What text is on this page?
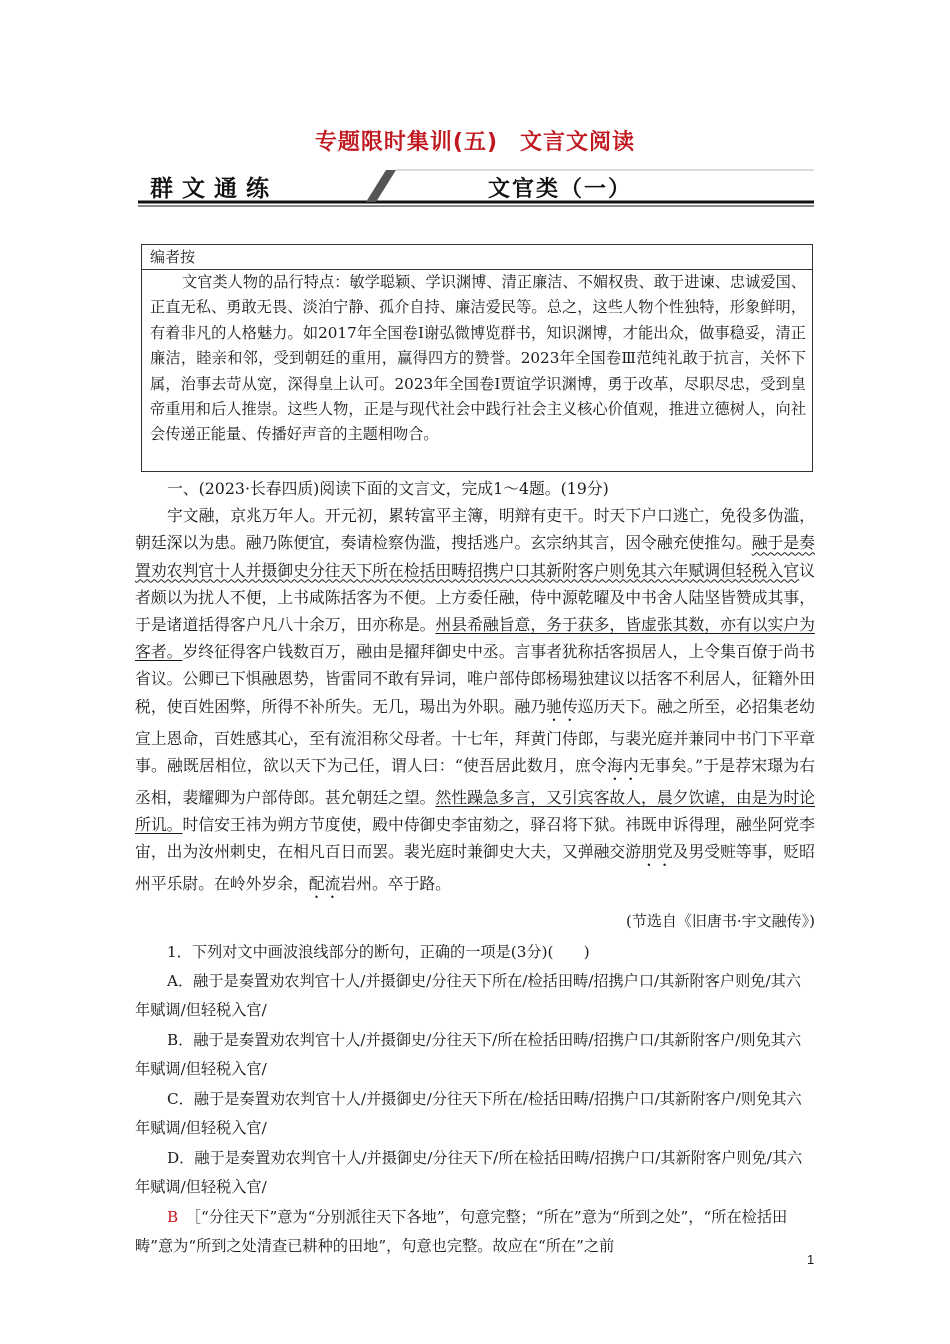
专题限时集训(五) 文言文阅读
群文通练	文官类（一）
编者按

文官类人物的品行特点：敏学聪颖、学识渊博、清正廉洁、不媚权贵、敢于进谏、忠诚爱国、正直无私、勇敢无畏、淡泊宁静、孤介自持、廉洁爱民等。总之，这些人物个性独特，形象鲜明，有着非凡的人格魅力。如2017年全国卷Ⅰ谢弘微博览群书，知识渊博，才能出众，做事稳妥，清正廉洁，睦亲和邻，受到朝廷的重用，赢得四方的赞誉。2023年全国卷Ⅲ范纯礼敢于抗言，关怀下属，治事去苛从宽，深得皇上认可。2023年全国卷Ⅰ贾谊学识渊博，勇于改革，尽职尽忠，受到皇帝重用和后人推崇。这些人物，正是与现代社会中践行社会主义核心价值观，推进立德树人，向社会传递正能量、传播好声音的主题相吻合。

一、(2023·长春四质)阅读下面的文言文，完成1～4题。(19分)

宇文融，京兆万年人。开元初，累转富平主簿，明辩有吏干。时天下户口逃亡，免役多伪滥，朝廷深以为患。融乃陈便宜，奏请检察伪滥，搜括逃户。玄宗纳其言，因令融充使推勾。融于是奏置劝农判官十人并摄御史分往天下所在检括田畴招携户口其新附客户则免其六年赋调但轻税入官议者颇以为扰人不便，上书咸陈括客为不便。上方委任融，侍中源乾曜及中书舍人陆坚皆赞成其事，于是诸道括得客户凡八十余万，田亦称是。州县希融旨意，务于获多，皆虚张其数，亦有以实户为客者。岁终征得客户钱数百万，融由是擢拜御史中丞。言事者犹称括客损居人，上令集百僚于尚书省议。公卿已下惧融恩势，皆雷同不敢有异词，唯户部侍郎杨瑒独建议以括客不利居人，征籍外田税，使百姓困弊，所得不补所失。无几，瑒出为外职。融乃驰传巡历天下。融之所至，必招集老幼宣上恩命，百姓感其心，至有流泪称父母者。十七年，拜黄门侍郎，与裴光庭并兼同中书门下平章事。融既居相位，欲以天下为己任，谓人曰：“使吾居此数月，庶令海内无事矣。”于是荐宋璟为右丞相，裴耀卿为户部侍郎。甚允朝廷之望。然性躁急多言，又引宾客故人，晨夕饮谑，由是为时论所讥。时信安王祎为朔方节度使，殿中侍御史李宙劾之，驿召将下狱。祎既申诉得理，融坐阿党李宙，出为汝州刺史，在相凡百日而罢。裴光庭时兼御史大夫，又弹融交游朋党及男受赃等事，贬昭州平乐尉。在岭外岁余，配流岩州。卒于路。

(节选自《旧唐书·宇文融传》)

1．下列对文中画波浪线部分的断句，正确的一项是(3分)(　　)

A．融于是奏置劝农判官十人/并摄御史/分往天下所在/检括田畴/招携户口/其新附客户则免/其六年赋调/但轻税入官/

B．融于是奏置劝农判官十人/并摄御史/分往天下/所在检括田畴/招携户口/其新附客户/则免其六年赋调/但轻税入官/

C．融于是奏置劝农判官十人/并摄御史/分往天下所在/检括田畴/招携户口/其新附客户/则免其六年赋调/但轻税入官/

D．融于是奏置劝农判官十人/并摄御史/分往天下/所在检括田畴/招携户口/其新附客户则免/其六年赋调/但轻税入官/

B　 ［“分往天下”意为“分别派往天下各地”，句意完整；“所在”意为“所到之处”，“所在检括田畴”意为“所到之处清查已耕种的田地”，句意也完整。故应在“所在”之前

1
